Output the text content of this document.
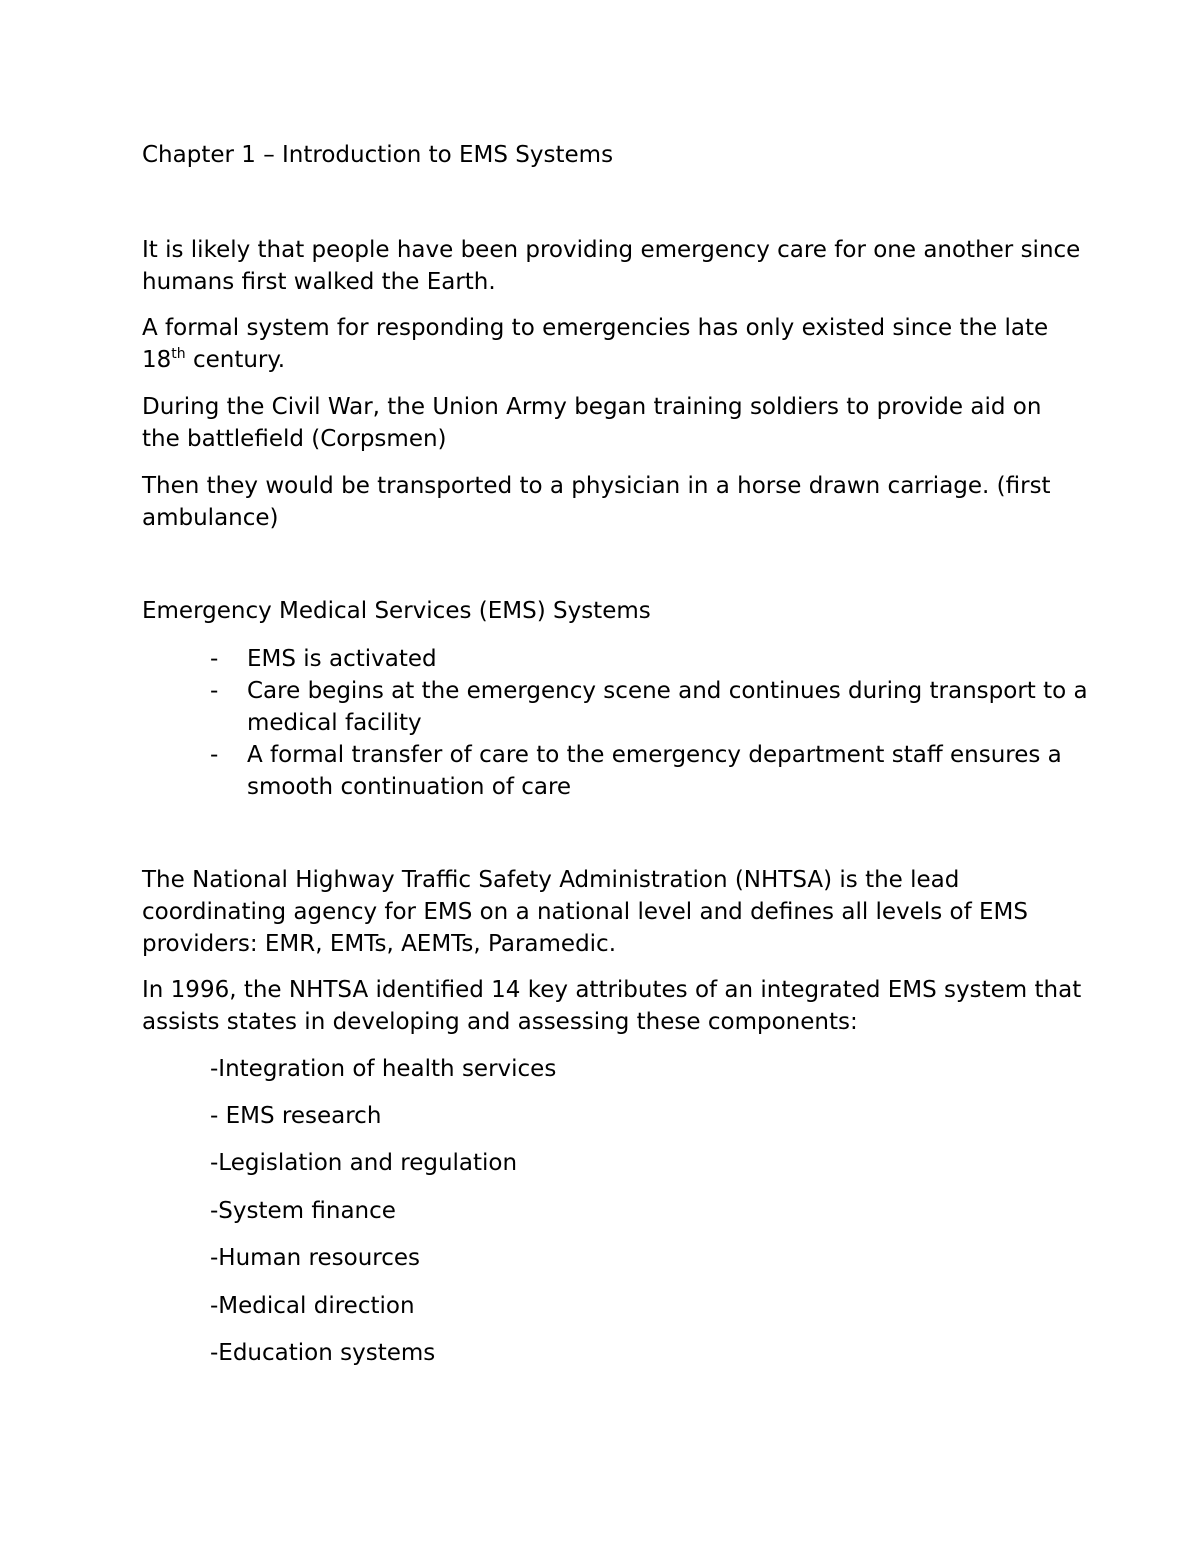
Chapter 1 – Introduction to EMS Systems

It is likely that people have been providing emergency care for one another since humans first walked the Earth.

A formal system for responding to emergencies has only existed since the late 18th century.

During the Civil War, the Union Army began training soldiers to provide aid on the battlefield (Corpsmen)

Then they would be transported to a physician in a horse drawn carriage. (first ambulance)

Emergency Medical Services (EMS) Systems

- EMS is activated
- Care begins at the emergency scene and continues during transport to a medical facility
- A formal transfer of care to the emergency department staff ensures a smooth continuation of care

The National Highway Traffic Safety Administration (NHTSA) is the lead coordinating agency for EMS on a national level and defines all levels of EMS providers: EMR, EMTs, AEMTs, Paramedic.

In 1996, the NHTSA identified 14 key attributes of an integrated EMS system that assists states in developing and assessing these components:

-Integration of health services

- EMS research

-Legislation and regulation

-System finance

-Human resources

-Medical direction

-Education systems
